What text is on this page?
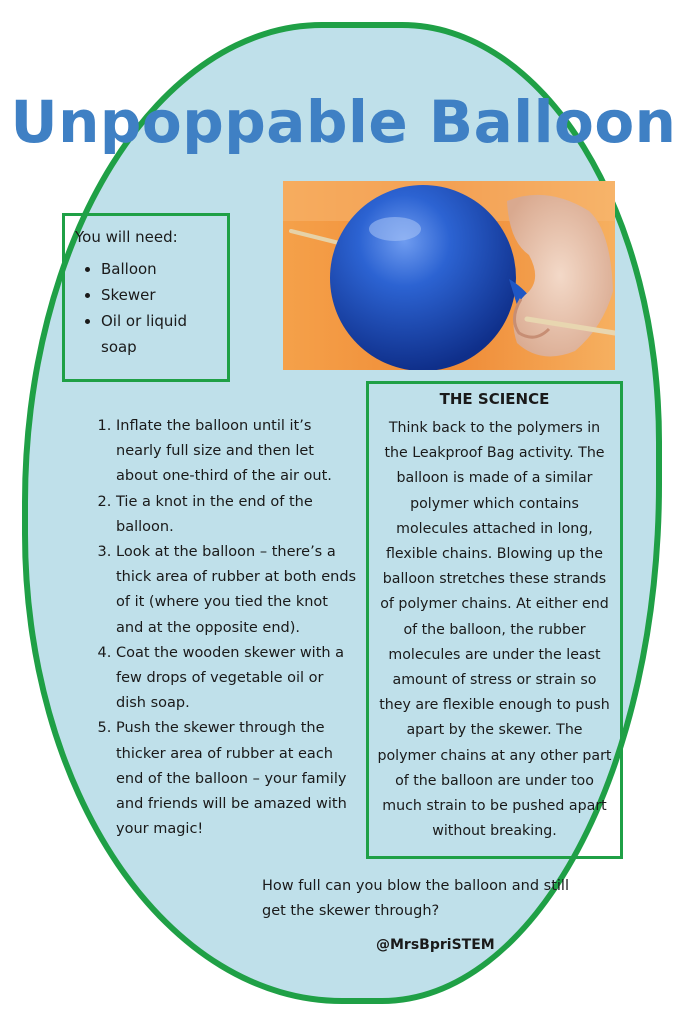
Unpoppable Balloon
You will need:
• Balloon
• Skewer
• Oil or liquid soap
1. Inflate the balloon until it’s nearly full size and then let about one-third of the air out.
2. Tie a knot in the end of the balloon.
3. Look at the balloon – there’s a thick area of rubber at both ends of it (where you tied the knot and at the opposite end).
4. Coat the wooden skewer with a few drops of vegetable oil or dish soap.
5. Push the skewer through the thicker area of rubber at each end of the balloon – your family and friends will be amazed with your magic!
THE SCIENCE

Think back to the polymers in the Leakproof Bag activity. The balloon is made of a similar polymer which contains molecules attached in long, flexible chains. Blowing up the balloon stretches these strands of polymer chains. At either end of the balloon, the rubber molecules are under the least amount of stress or strain so they are flexible enough to push apart by the skewer. The polymer chains at any other part of the balloon are under too much strain to be pushed apart without breaking.

How full can you blow the balloon and still get the skewer through?
@MrsBpriSTEM
